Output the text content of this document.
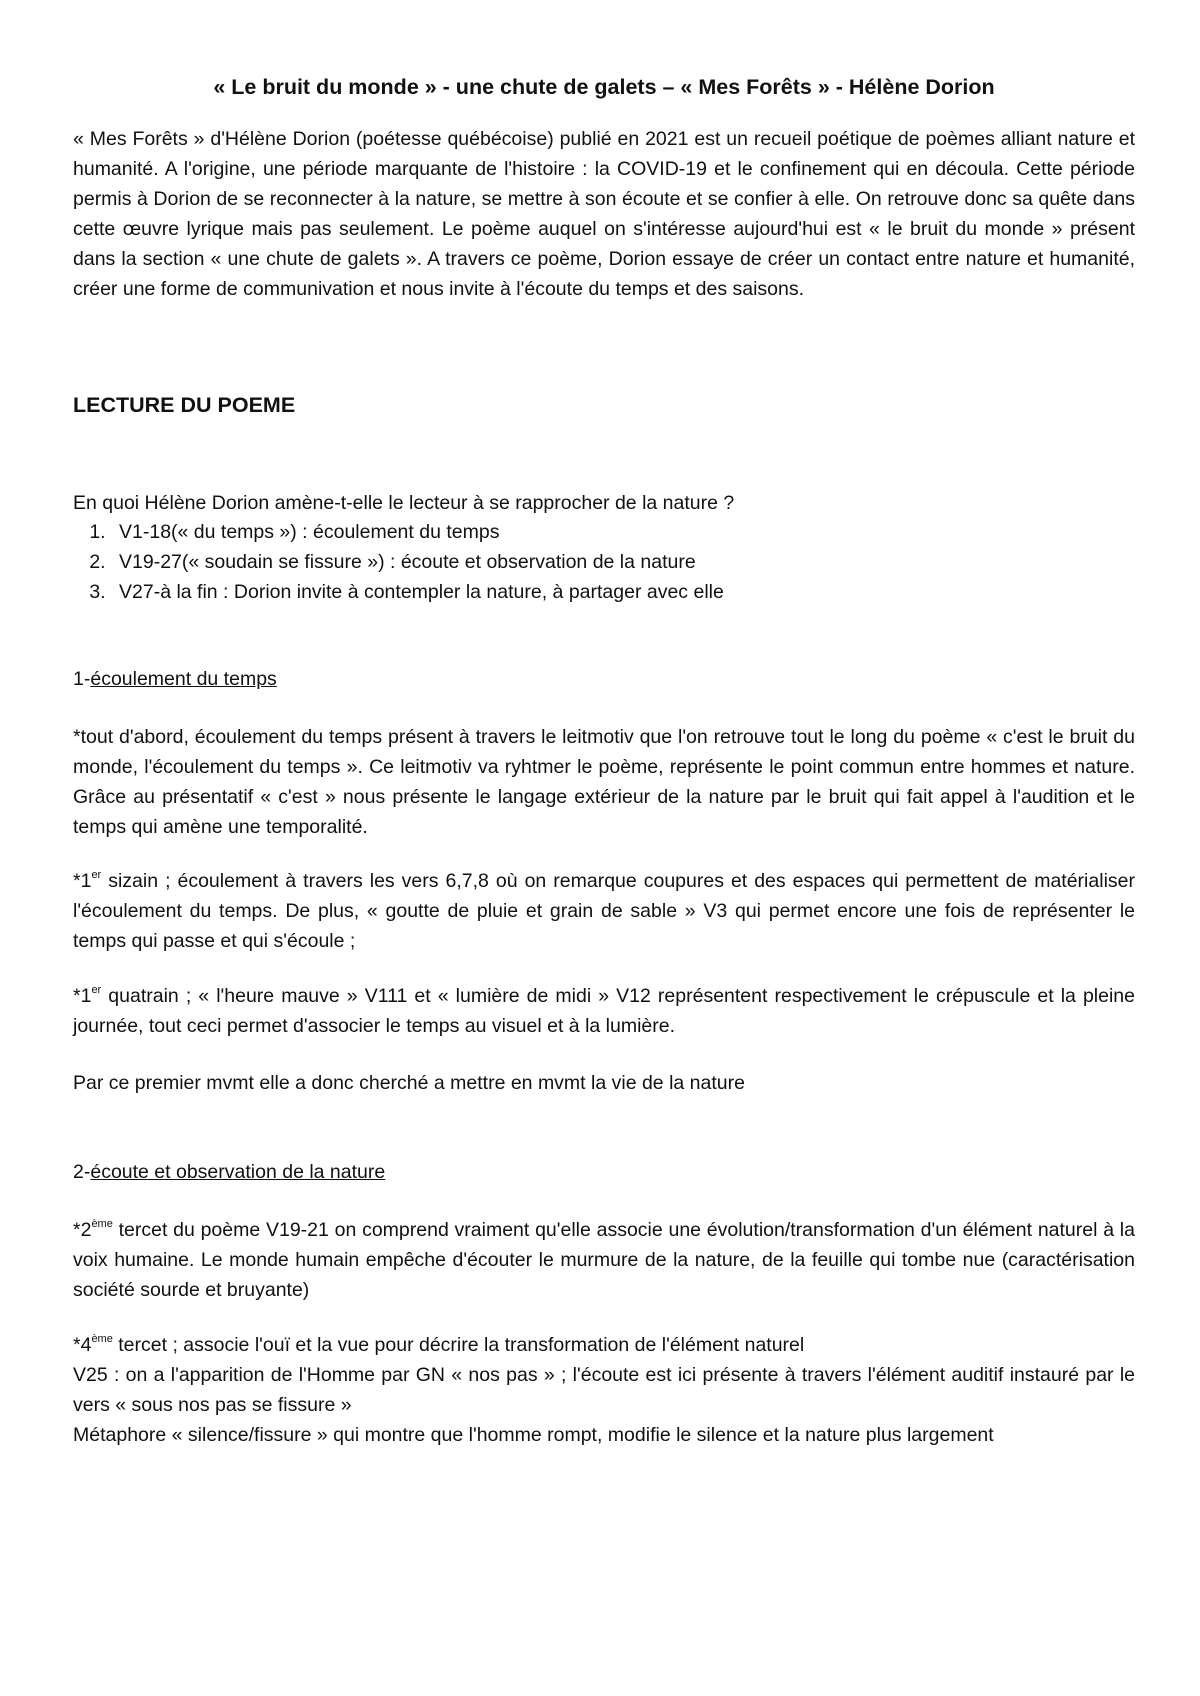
« Le bruit du monde » - une chute de galets – « Mes Forêts » - Hélène Dorion
« Mes Forêts » d'Hélène Dorion (poétesse québécoise) publié en 2021 est un recueil poétique de poèmes alliant nature et humanité. A l'origine, une période marquante de l'histoire : la COVID-19 et le confinement qui en découla. Cette période permis à Dorion de se reconnecter à la nature, se mettre à son écoute et se confier à elle. On retrouve donc sa quête dans cette œuvre lyrique mais pas seulement. Le poème auquel on s'intéresse aujourd'hui est « le bruit du monde » présent dans la section « une chute de galets ». A travers ce poème, Dorion essaye de créer un contact entre nature et humanité, créer une forme de communivation et nous invite à l'écoute du temps et des saisons.
LECTURE DU POEME
En quoi Hélène Dorion amène-t-elle le lecteur à se rapprocher de la nature ?
1. V1-18(« du temps ») : écoulement du temps
2. V19-27(« soudain se fissure ») : écoute et observation de la nature
3. V27-à la fin : Dorion invite à contempler la nature, à partager avec elle
1-écoulement du temps
*tout d'abord, écoulement du temps présent à travers le leitmotiv que l'on retrouve tout le long du poème « c'est le bruit du monde, l'écoulement du temps ». Ce leitmotiv va ryhtmer le poème, représente le point commun entre hommes et nature. Grâce au présentatif « c'est » nous présente le langage extérieur de la nature par le bruit qui fait appel à l'audition et le temps qui amène une temporalité.
*1er sizain ; écoulement à travers les vers 6,7,8 où on remarque coupures et des espaces qui permettent de matérialiser l'écoulement du temps. De plus, « goutte de pluie et grain de sable » V3 qui permet encore une fois de représenter le temps qui passe et qui s'écoule ;
*1er quatrain ; « l'heure mauve » V111 et « lumière de midi » V12 représentent respectivement le crépuscule et la pleine journée, tout ceci permet d'associer le temps au visuel et à la lumière.
Par ce premier mvmt elle a donc cherché a mettre en mvmt la vie de la nature
2-écoute et observation de la nature
*2ème tercet du poème V19-21 on comprend vraiment qu'elle associe une évolution/transformation d'un élément naturel à la voix humaine. Le monde humain empêche d'écouter le murmure de la nature, de la feuille qui tombe nue (caractérisation société sourde et bruyante)
*4ème tercet ; associe l'ouï et la vue pour décrire la transformation de l'élément naturel
V25 : on a l'apparition de l'Homme par GN « nos pas » ; l'écoute est ici présente à travers l'élément auditif instauré par le vers « sous nos pas se fissure »
Métaphore « silence/fissure » qui montre que l'homme rompt, modifie le silence et la nature plus largement
